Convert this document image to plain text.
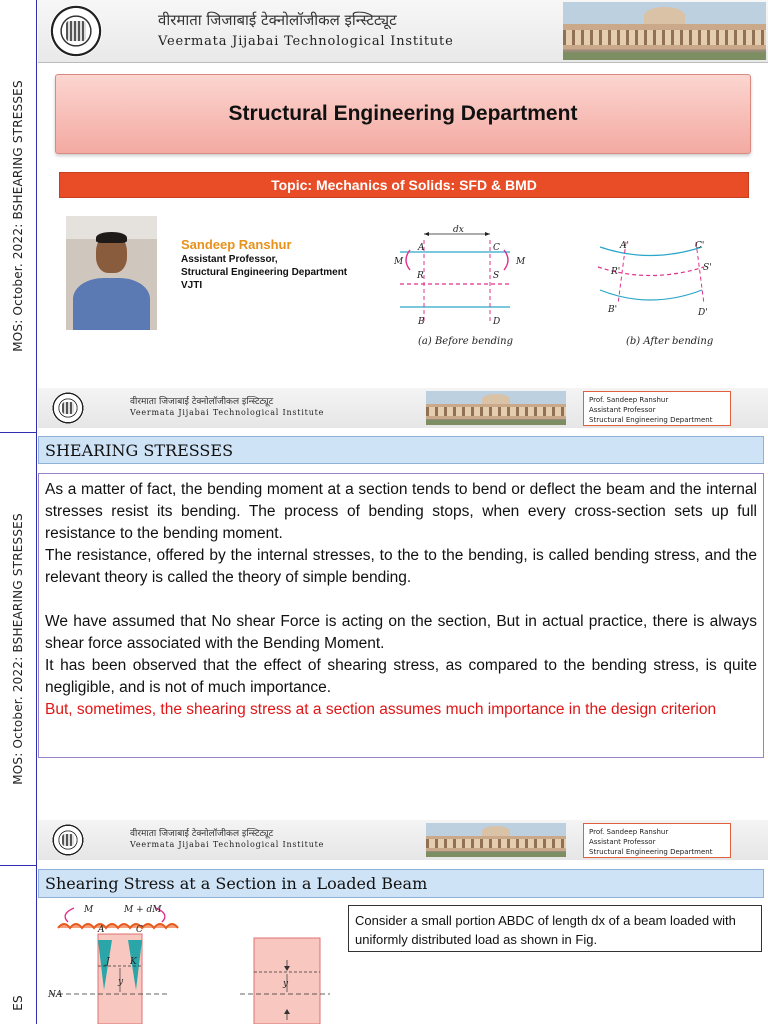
MOS: October. 2022: BSHEARING STRESSES
MOS: October. 2022: BSHEARING STRESSES
ES
वीरमाता जिजाबाई टेक्नोलॉजीकल इन्स्टिट्यूट
Veermata Jijabai Technological Institute
Structural Engineering Department
Topic: Mechanics of Solids: SFD & BMD
Sandeep Ranshur
Assistant Professor,
Structural Engineering Department
VJTI
dx
M	M
A	C
R	S
B	D
(a) Before bending
A'	C'
R'	S'
B'	D'
(b) After bending
वीरमाता जिजाबाई टेक्नोलॉजीकल इन्स्टिट्यूट
Veermata Jijabai Technological Institute
Prof. Sandeep Ranshur
Assistant Professor
Structural Engineering Department
SHEARING STRESSES

As a matter of fact, the bending moment at a section tends to bend or deflect the beam and the internal stresses resist its bending. The process of bending stops, when every cross-section sets up full resistance to the bending moment.

The resistance, offered by the internal stresses, to the to the bending, is called bending stress, and the relevant theory is called the theory of simple bending.

We have assumed that No shear Force is acting on the section, But in actual practice, there is always shear force associated with the Bending Moment.

It has been observed that the effect of shearing stress, as compared to the bending stress, is quite negligible, and is not of much importance.

But, sometimes, the shearing stress at a section assumes much importance in the design criterion

वीरमाता जिजाबाई टेक्नोलॉजीकल इन्स्टिट्यूट
Veermata Jijabai Technological Institute
Prof. Sandeep Ranshur
Assistant Professor
Structural Engineering Department
Shearing Stress at a Section in a Loaded Beam
Consider a small portion ABDC of length dx of a beam loaded with uniformly distributed load as shown in Fig.
M	M + dM
A	C
J K
y
NA
y
